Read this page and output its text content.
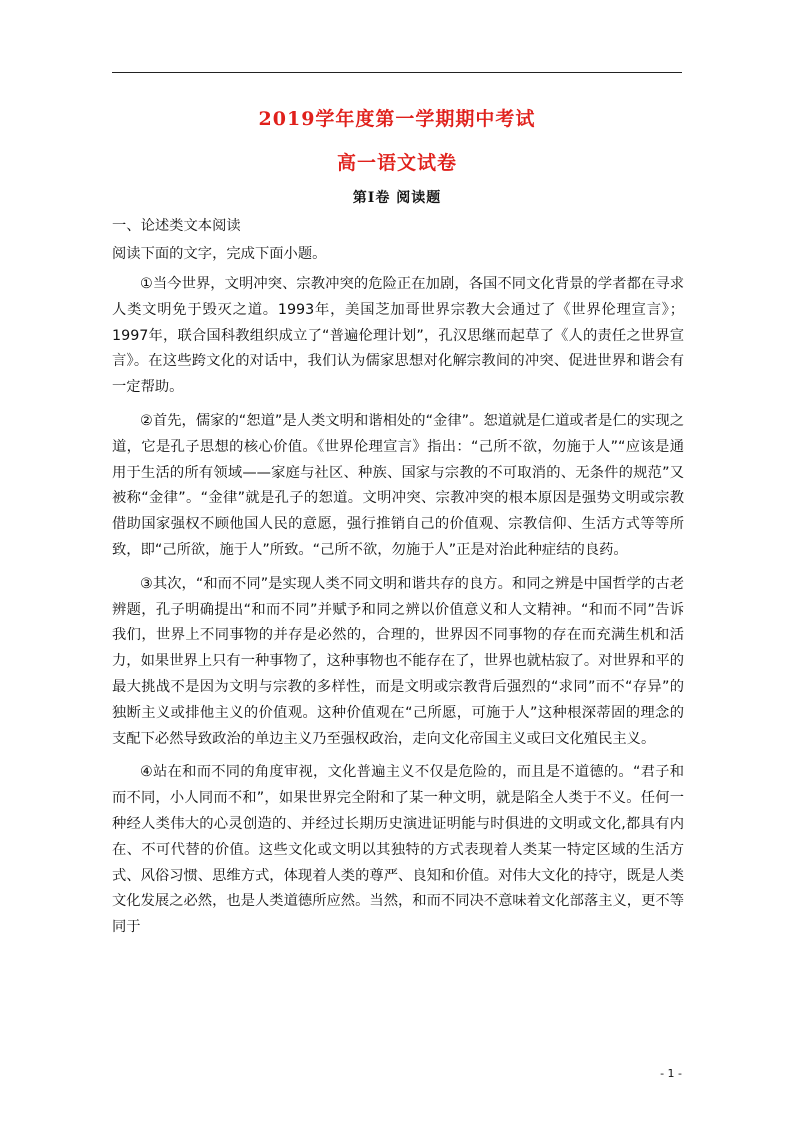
2019学年度第一学期期中考试
高一语文试卷
第Ⅰ卷 阅读题

一、论述类文本阅读

阅读下面的文字，完成下面小题。

①当今世界，文明冲突、宗教冲突的危险正在加剧，各国不同文化背景的学者都在寻求人类文明免于毁灭之道。1993年，美国芝加哥世界宗教大会通过了《世界伦理宣言》；1997年，联合国科教组织成立了“普遍伦理计划”，孔汉思继而起草了《人的责任之世界宣言》。在这些跨文化的对话中，我们认为儒家思想对化解宗教间的冲突、促进世界和谐会有一定帮助。

②首先，儒家的“恕道”是人类文明和谐相处的“金律”。恕道就是仁道或者是仁的实现之道，它是孔子思想的核心价值。《世界伦理宣言》指出：“己所不欲，勿施于人”“应该是通用于生活的所有领域——家庭与社区、种族、国家与宗教的不可取消的、无条件的规范”又被称“金律”。“金律”就是孔子的恕道。文明冲突、宗教冲突的根本原因是强势文明或宗教借助国家强权不顾他国人民的意愿，强行推销自己的价值观、宗教信仰、生活方式等等所致，即“己所欲，施于人”所致。“己所不欲，勿施于人”正是对治此种症结的良药。

③其次，“和而不同”是实现人类不同文明和谐共存的良方。和同之辨是中国哲学的古老辨题，孔子明确提出“和而不同”并赋予和同之辨以价值意义和人文精神。“和而不同”告诉我们，世界上不同事物的并存是必然的，合理的，世界因不同事物的存在而充满生机和活力，如果世界上只有一种事物了，这种事物也不能存在了，世界也就枯寂了。对世界和平的最大挑战不是因为文明与宗教的多样性，而是文明或宗教背后强烈的“求同”而不“存异”的独断主义或排他主义的价值观。这种价值观在“己所愿，可施于人”这种根深蒂固的理念的支配下必然导致政治的单边主义乃至强权政治，走向文化帝国主义或曰文化殖民主义。

④站在和而不同的角度审视，文化普遍主义不仅是危险的，而且是不道德的。“君子和而不同，小人同而不和”，如果世界完全附和了某一种文明，就是陷全人类于不义。任何一种经人类伟大的心灵创造的、并经过长期历史演进证明能与时俱进的文明或文化,都具有内在、不可代替的价值。这些文化或文明以其独特的方式表现着人类某一特定区域的生活方式、风俗习惯、思维方式，体现着人类的尊严、良知和价值。对伟大文化的持守，既是人类文化发展之必然，也是人类道德所应然。当然，和而不同决不意味着文化部落主义，更不等同于

- 1 -
